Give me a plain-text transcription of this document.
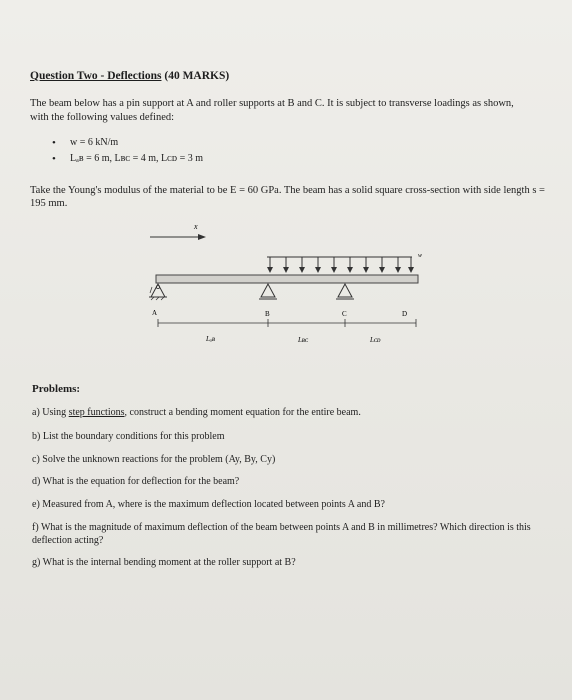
Question Two - Deflections (40 MARKS)
The beam below has a pin support at A and roller supports at B and C. It is subject to transverse loadings as shown, with the following values defined:
•	w = 6 kN/m
•	Lₐʙ = 6 m, Lʙᴄ = 4 m, Lᴄᴅ = 3 m
Take the Young's modulus of the material to be E = 60 GPa. The beam has a solid square cross-section with side length s = 195 mm.
x
w
A	B	C	D
Lₐʙ	Lʙᴄ	Lᴄᴅ
Problems:
a) Using step functions, construct a bending moment equation for the entire beam.
b) List the boundary conditions for this problem
c) Solve the unknown reactions for the problem (Ay, By, Cy)
d) What is the equation for deflection for the beam?
e) Measured from A, where is the maximum deflection located between points A and B?
f) What is the magnitude of maximum deflection of the beam between points A and B in millimetres? Which direction is this deflection acting?
g) What is the internal bending moment at the roller support at B?
